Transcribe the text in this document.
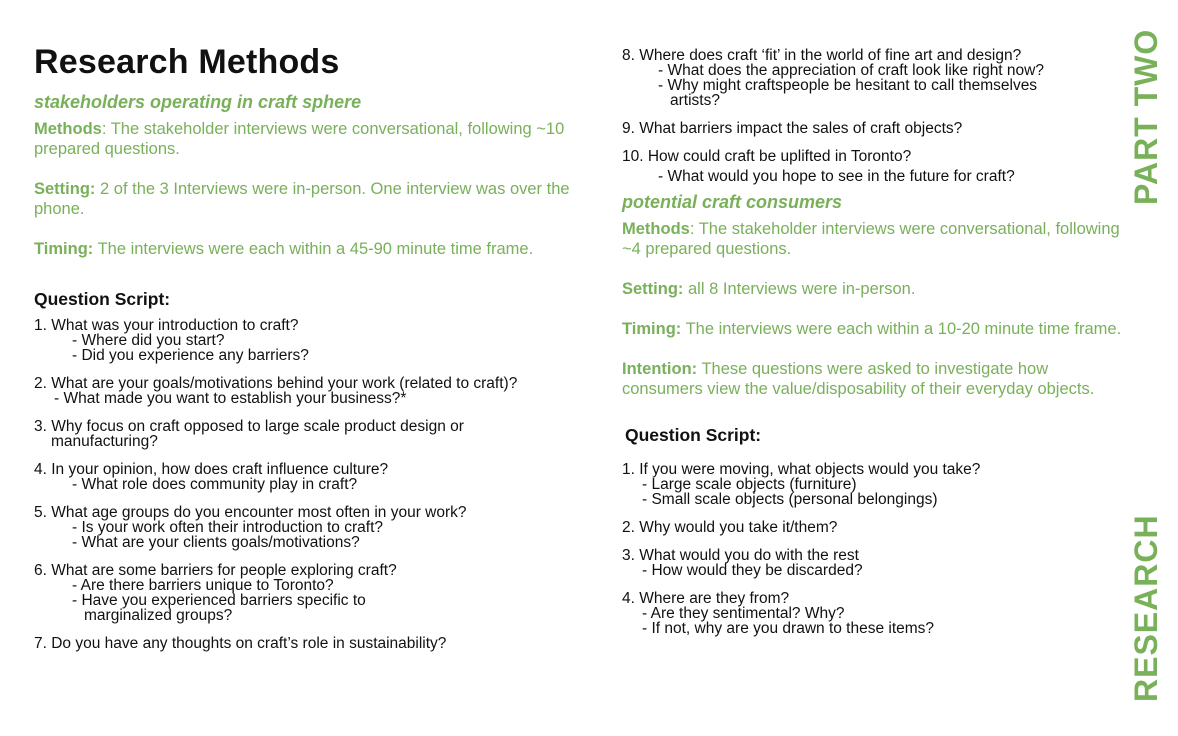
Research Methods
stakeholders operating in craft sphere

Methods: The stakeholder interviews were conversational, following ~10 prepared questions.

Setting: 2 of the 3 Interviews were in-person. One interview was over the phone.

Timing: The interviews were each within a 45-90 minute time frame.

Question Script:
1. What was your introduction to craft?
- Where did you start?
- Did you experience any barriers?
2. What are your goals/motivations behind your work (related to craft)?
- What made you want to establish your business?*
3. Why focus on craft opposed to large scale product design or manufacturing?
4. In your opinion, how does craft influence culture?
- What role does community play in craft?
5. What age groups do you encounter most often in your work?
- Is your work often their introduction to craft?
- What are your clients goals/motivations?
6. What are some barriers for people exploring craft?
- Are there barriers unique to Toronto?
- Have you experienced barriers specific to marginalized groups?
7. Do you have any thoughts on craft’s role in sustainability?
8. Where does craft ‘fit’ in the world of fine art and design?
- What does the appreciation of craft look like right now?
- Why might craftspeople be hesitant to call themselves artists?
9. What barriers impact the sales of craft objects?
10. How could craft be uplifted in Toronto?
- What would you hope to see in the future for craft?
potential craft consumers

Methods: The stakeholder interviews were conversational, following ~4 prepared questions.

Setting: all 8 Interviews were in-person.

Timing: The interviews were each within a 10-20 minute time frame.

Intention: These questions were asked to investigate how consumers view the value/disposability of their everyday objects.

Question Script:
1. If you were moving, what objects would you take?
- Large scale objects (furniture)
- Small scale objects (personal belongings)
2. Why would you take it/them?
3. What would you do with the rest
- How would they be discarded?
4. Where are they from?
- Are they sentimental? Why?
- If not, why are you drawn to these items?
PART TWO
RESEARCH
